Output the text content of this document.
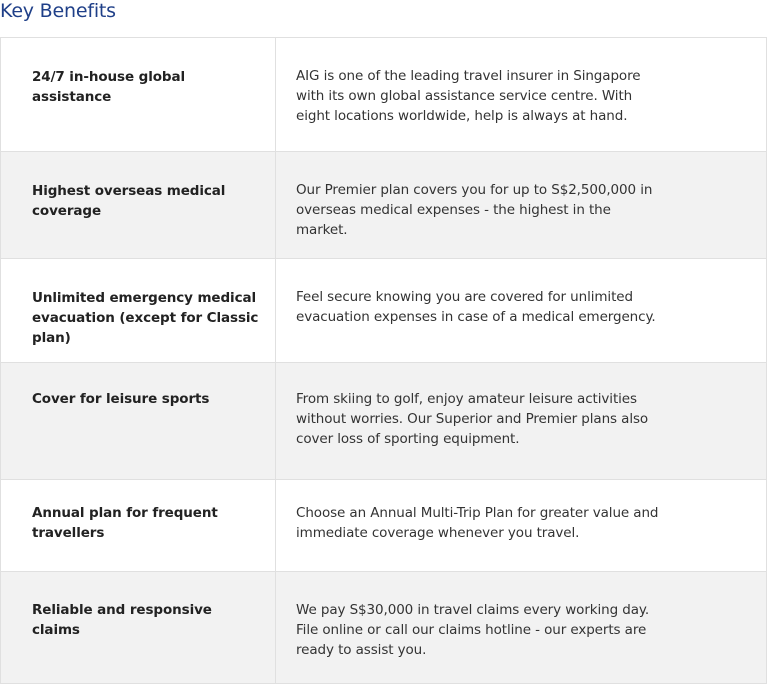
Key Benefits
24/7 in-house global assistance
AIG is one of the leading travel insurer in Singapore with its own global assistance service centre. With eight locations worldwide, help is always at hand.
Highest overseas medical coverage
Our Premier plan covers you for up to S$2,500,000 in overseas medical expenses - the highest in the market.
Unlimited emergency medical evacuation (except for Classic plan)
Feel secure knowing you are covered for unlimited evacuation expenses in case of a medical emergency.
Cover for leisure sports	From skiing to golf, enjoy amateur leisure activities without worries. Our Superior and Premier plans also cover loss of sporting equipment.
Annual plan for frequent travellers
Choose an Annual Multi-Trip Plan for greater value and immediate coverage whenever you travel.
Reliable and responsive claims
We pay S$30,000 in travel claims every working day. File online or call our claims hotline - our experts are ready to assist you.
